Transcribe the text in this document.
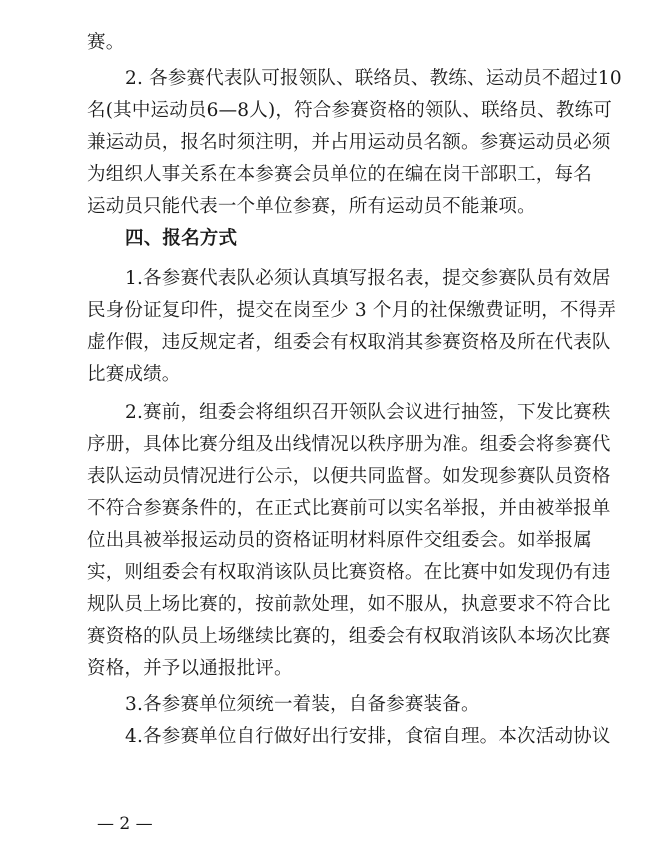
赛。
2. 各参赛代表队可报领队、联络员、教练、运动员不超过10
名(其中运动员6—8人)，符合参赛资格的领队、联络员、教练可
兼运动员，报名时须注明，并占用运动员名额。参赛运动员必须
为组织人事关系在本参赛会员单位的在编在岗干部职工，每名
运动员只能代表一个单位参赛，所有运动员不能兼项。
四、报名方式
1.各参赛代表队必须认真填写报名表，提交参赛队员有效居
民身份证复印件，提交在岗至少 3 个月的社保缴费证明，不得弄
虚作假，违反规定者，组委会有权取消其参赛资格及所在代表队
比赛成绩。
2.赛前，组委会将组织召开领队会议进行抽签，下发比赛秩
序册，具体比赛分组及出线情况以秩序册为准。组委会将参赛代
表队运动员情况进行公示，以便共同监督。如发现参赛队员资格
不符合参赛条件的，在正式比赛前可以实名举报，并由被举报单
位出具被举报运动员的资格证明材料原件交组委会。如举报属
实，则组委会有权取消该队员比赛资格。在比赛中如发现仍有违
规队员上场比赛的，按前款处理，如不服从，执意要求不符合比
赛资格的队员上场继续比赛的，组委会有权取消该队本场次比赛
资格，并予以通报批评。
3.各参赛单位须统一着装，自备参赛装备。
4.各参赛单位自行做好出行安排，食宿自理。本次活动协议
— 2 —
